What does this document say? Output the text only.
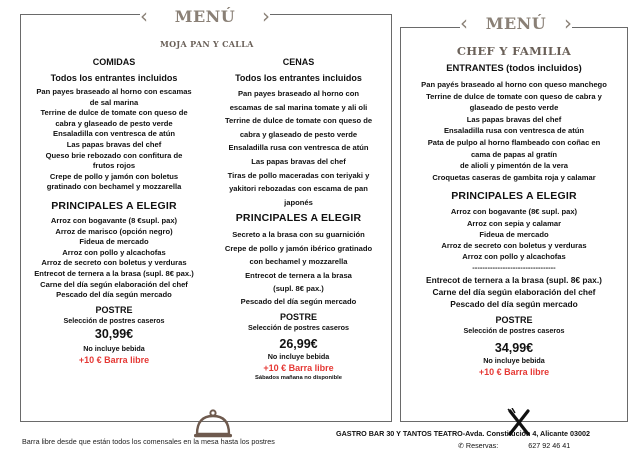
‹ MENÚ ›
MOJA PAN Y CALLA
COMIDAS
Todos los entrantes incluidos
Pan payes braseado al horno con escamas
de sal marina
Terrine de dulce de tomate con queso de
cabra y glaseado de pesto verde
Ensaladilla con ventresca de atún
Las papas bravas del chef
Queso brie rebozado con confitura de
frutos rojos
Crepe de pollo y jamón con boletus
gratinado con bechamel y mozzarella
PRINCIPALES A ELEGIR
Arroz con bogavante (8 €supl. pax)
Arroz de marisco (opción negro)
Fideua de mercado
Arroz con pollo y alcachofas
Arroz de secreto con boletus y verduras
Entrecot de ternera a la brasa (supl. 8€ pax.)
Carne del día según elaboración del chef
Pescado del día según mercado
POSTRE
Selección de postres caseros
30,99€
No incluye bebida
+10 € Barra libre
CENAS
Todos los entrantes incluidos
Pan payes braseado al horno con
escamas de sal marina tomate y ali oli
Terrine de dulce de tomate con queso de
cabra y glaseado de pesto verde
Ensaladilla rusa con ventresca de atún
Las papas bravas del chef
Tiras de pollo maceradas con teriyaki y
yakitori rebozadas con escama de pan
japonés
PRINCIPALES A ELEGIR
Secreto a la brasa con su guarnición
Crepe de pollo y jamón ibérico gratinado
con bechamel y mozzarella
Entrecot de ternera a la brasa
(supl. 8€ pax.)
Pescado del día según mercado
POSTRE
Selección de postres caseros
26,99€
No incluye bebida
+10 € Barra libre
Sábados mañana no disponible
‹ MENÚ ›
CHEF Y FAMILIA
ENTRANTES (todos incluidos)
Pan payés braseado al horno con queso manchego
Terrine de dulce de tomate con queso de cabra y
glaseado de pesto verde
Las papas bravas del chef
Ensaladilla rusa con ventresca de atún
Pata de pulpo al horno flambeado con coñac en
cama de papas al gratín
de alioli y pimentón de la vera
Croquetas caseras de gambita roja y calamar
PRINCIPALES A ELEGIR
Arroz con bogavante (8€ supl. pax)
Arroz con sepia y calamar
Fideua de mercado
Arroz de secreto con boletus y verduras
Arroz con pollo y alcachofas
---------------------------------
Entrecot de ternera a la brasa (supl. 8€ pax.)
Carne del día según elaboración del chef
Pescado del día según mercado
POSTRE
Selección de postres caseros
34,99€
No incluye bebida
+10 € Barra libre
Barra libre desde que están todos los comensales en la mesa hasta los postres
GASTRO BAR 30 Y TANTOS TEATRO-Avda. Constitución 4, Alicante 03002
✆ Reservas:	627 92 46 41
